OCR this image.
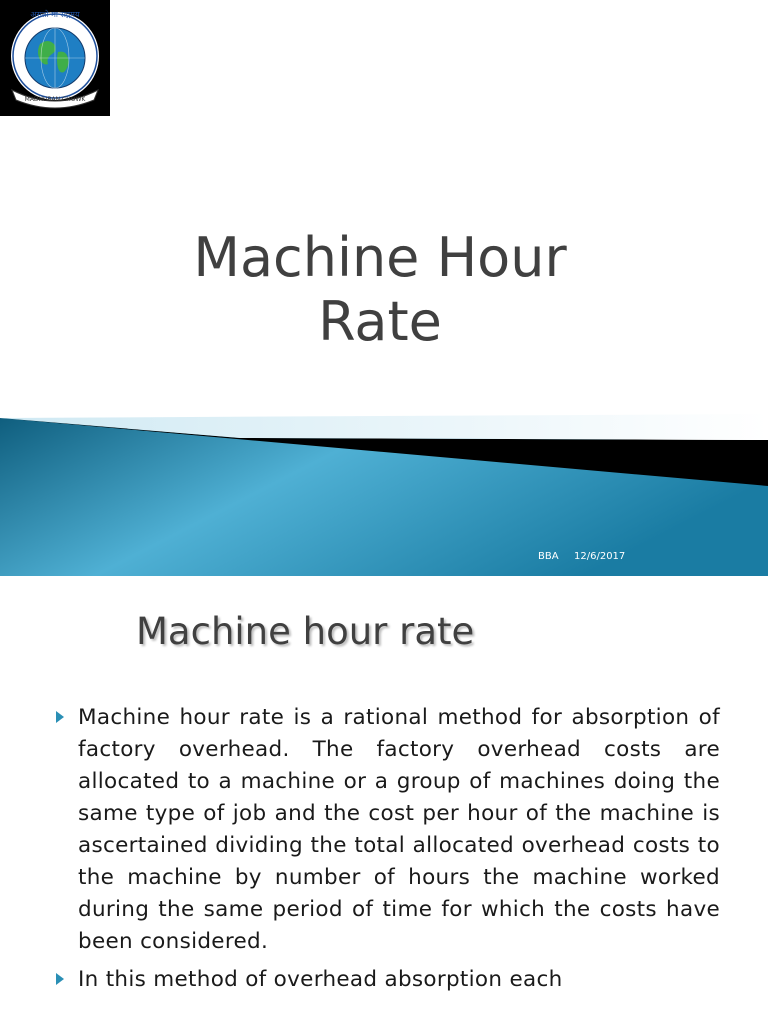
MADHUBAN CHOWK
असतो मा सद्गमय
Machine Hour
Rate
BBA 12/6/2017
Machine hour rate
Machine hour rate is a rational method for absorption of factory overhead. The factory overhead costs are allocated to a machine or a group of machines doing the same type of job and the cost per hour of the machine is ascertained dividing the total allocated overhead costs to the machine by number of hours the machine worked during the same period of time for which the costs have been considered.
In this method of overhead absorption each
